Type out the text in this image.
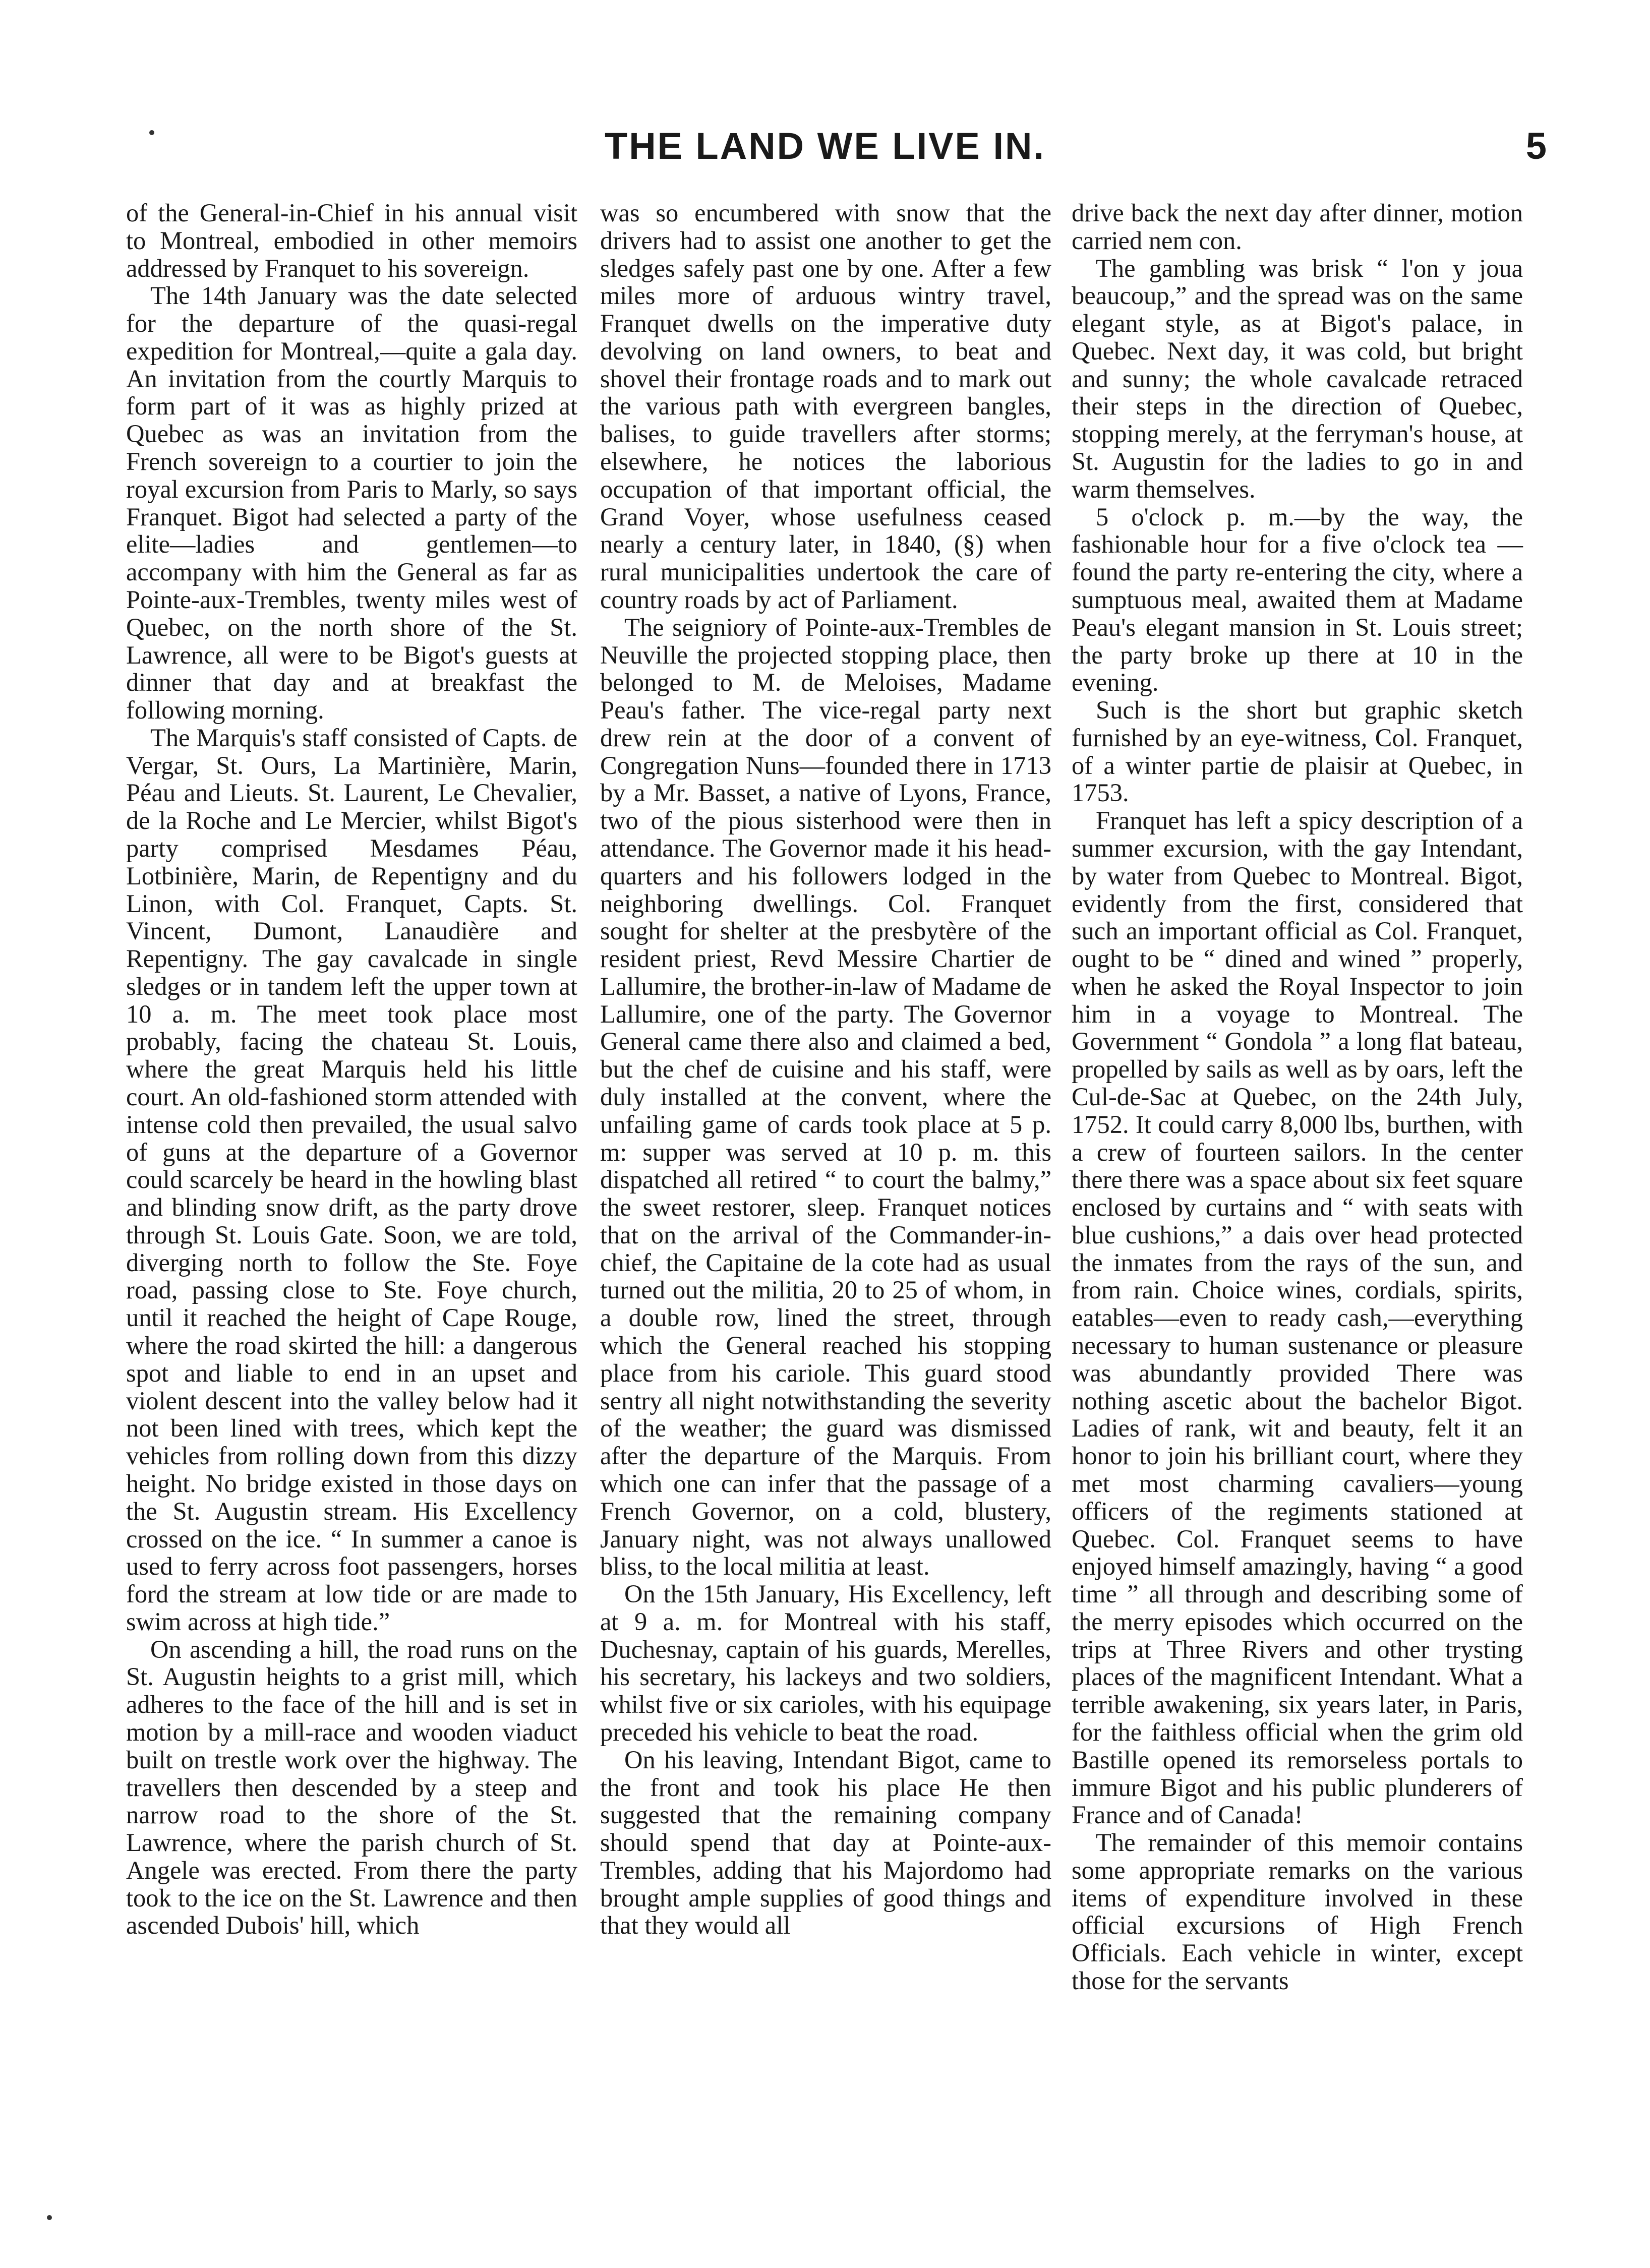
THE LAND WE LIVE IN.	5

of the General-in-Chief in his annual visit to Montreal, embodied in other memoirs addressed by Franquet to his sovereign.

The 14th January was the date selected for the departure of the quasi-regal expedition for Montreal,—quite a gala day. An invitation from the courtly Marquis to form part of it was as highly prized at Quebec as was an invitation from the French sovereign to a courtier to join the royal excursion from Paris to Marly, so says Franquet. Bigot had selected a party of the elite—ladies and gentlemen—to accompany with him the General as far as Pointe-aux-Trembles, twenty miles west of Quebec, on the north shore of the St. Lawrence, all were to be Bigot's guests at dinner that day and at breakfast the following morning.

The Marquis's staff consisted of Capts. de Vergar, St. Ours, La Martinière, Marin, Péau and Lieuts. St. Laurent, Le Chevalier, de la Roche and Le Mercier, whilst Bigot's party comprised Mesdames Péau, Lotbinière, Marin, de Repentigny and du Linon, with Col. Franquet, Capts. St. Vincent, Dumont, Lanaudière and Repentigny. The gay cavalcade in single sledges or in tandem left the upper town at 10 a. m. The meet took place most probably, facing the chateau St. Louis, where the great Marquis held his little court. An old-fashioned storm attended with intense cold then prevailed, the usual salvo of guns at the departure of a Governor could scarcely be heard in the howling blast and blinding snow drift, as the party drove through St. Louis Gate. Soon, we are told, diverging north to follow the Ste. Foye road, passing close to Ste. Foye church, until it reached the height of Cape Rouge, where the road skirted the hill: a dangerous spot and liable to end in an upset and violent descent into the valley below had it not been lined with trees, which kept the vehicles from rolling down from this dizzy height. No bridge existed in those days on the St. Augustin stream. His Excellency crossed on the ice. “ In summer a canoe is used to ferry across foot passengers, horses ford the stream at low tide or are made to swim across at high tide.”

On ascending a hill, the road runs on the St. Augustin heights to a grist mill, which adheres to the face of the hill and is set in motion by a mill-race and wooden viaduct built on trestle work over the highway. The travellers then descended by a steep and narrow road to the shore of the St. Lawrence, where the parish church of St. Angele was erected. From there the party took to the ice on the St. Lawrence and then ascended Dubois' hill, which

was so encumbered with snow that the drivers had to assist one another to get the sledges safely past one by one. After a few miles more of arduous wintry travel, Franquet dwells on the imperative duty devolving on land owners, to beat and shovel their frontage roads and to mark out the various path with evergreen bangles, balises, to guide travellers after storms; elsewhere, he notices the laborious occupation of that important official, the Grand Voyer, whose usefulness ceased nearly a century later, in 1840, (§) when rural municipalities undertook the care of country roads by act of Parliament.

The seigniory of Pointe-aux-Trembles de Neuville the projected stopping place, then belonged to M. de Meloises, Madame Peau's father. The vice-regal party next drew rein at the door of a convent of Congregation Nuns—founded there in 1713 by a Mr. Basset, a native of Lyons, France, two of the pious sisterhood were then in attendance. The Governor made it his head-quarters and his followers lodged in the neighboring dwellings. Col. Franquet sought for shelter at the presbytère of the resident priest, Revd Messire Chartier de Lallumire, the brother-in-law of Madame de Lallumire, one of the party. The Governor General came there also and claimed a bed, but the chef de cuisine and his staff, were duly installed at the convent, where the unfailing game of cards took place at 5 p. m: supper was served at 10 p. m. this dispatched all retired “ to court the balmy,” the sweet restorer, sleep. Franquet notices that on the arrival of the Commander-in-chief, the Capitaine de la cote had as usual turned out the militia, 20 to 25 of whom, in a double row, lined the street, through which the General reached his stopping place from his cariole. This guard stood sentry all night notwithstanding the severity of the weather; the guard was dismissed after the departure of the Marquis. From which one can infer that the passage of a French Governor, on a cold, blustery, January night, was not always unallowed bliss, to the local militia at least.

On the 15th January, His Excellency, left at 9 a. m. for Montreal with his staff, Duchesnay, captain of his guards, Merelles, his secretary, his lackeys and two soldiers, whilst five or six carioles, with his equipage preceded his vehicle to beat the road.

On his leaving, Intendant Bigot, came to the front and took his place He then suggested that the remaining company should spend that day at Pointe-aux-Trembles, adding that his Majordomo had brought ample supplies of good things and that they would all

drive back the next day after dinner, motion carried nem con.

The gambling was brisk “ l'on y joua beaucoup,” and the spread was on the same elegant style, as at Bigot's palace, in Quebec. Next day, it was cold, but bright and sunny; the whole cavalcade retraced their steps in the direction of Quebec, stopping merely, at the ferryman's house, at St. Augustin for the ladies to go in and warm themselves.

5 o'clock p. m.—by the way, the fashionable hour for a five o'clock tea —found the party re-entering the city, where a sumptuous meal, awaited them at Madame Peau's elegant mansion in St. Louis street; the party broke up there at 10 in the evening.

Such is the short but graphic sketch furnished by an eye-witness, Col. Franquet, of a winter partie de plaisir at Quebec, in 1753.

Franquet has left a spicy description of a summer excursion, with the gay Intendant, by water from Quebec to Montreal. Bigot, evidently from the first, considered that such an important official as Col. Franquet, ought to be “ dined and wined ” properly, when he asked the Royal Inspector to join him in a voyage to Montreal. The Government “ Gondola ” a long flat bateau, propelled by sails as well as by oars, left the Cul-de-Sac at Quebec, on the 24th July, 1752. It could carry 8,000 lbs, burthen, with a crew of fourteen sailors. In the center there there was a space about six feet square enclosed by curtains and “ with seats with blue cushions,” a dais over head protected the inmates from the rays of the sun, and from rain. Choice wines, cordials, spirits, eatables—even to ready cash,—everything necessary to human sustenance or pleasure was abundantly provided There was nothing ascetic about the bachelor Bigot. Ladies of rank, wit and beauty, felt it an honor to join his brilliant court, where they met most charming cavaliers—young officers of the regiments stationed at Quebec. Col. Franquet seems to have enjoyed himself amazingly, having “ a good time ” all through and describing some of the merry episodes which occurred on the trips at Three Rivers and other trysting places of the magnificent Intendant. What a terrible awakening, six years later, in Paris, for the faithless official when the grim old Bastille opened its remorseless portals to immure Bigot and his public plunderers of France and of Canada!

The remainder of this memoir contains some appropriate remarks on the various items of expenditure involved in these official excursions of High French Officials. Each vehicle in winter, except those for the servants
